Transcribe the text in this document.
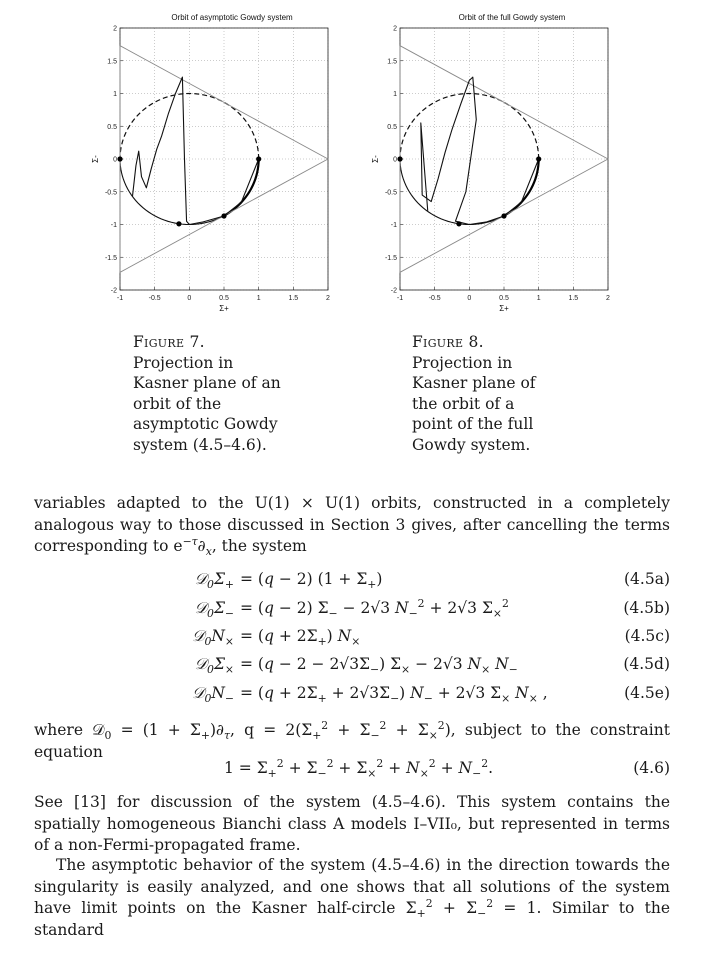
Orbit of asymptotic Gowdy system
-1	-0.5	0	0.5	1	1.5	2
2
1.5
1
0.5
0
-0.5
-1
-1.5
-2
Σ+
Σ-
Orbit of the full Gowdy system
-1	-0.5	0	0.5	1	1.5	2
2
1.5
1
0.5
0
-0.5
-1
-1.5
-2
Σ+
Σ-
Figure 7.
Projection in Kasner plane of an orbit of the asymptotic Gowdy system (4.5–4.6).
Figure 8.
Projection in Kasner plane of the orbit of a point of the full Gowdy system.

variables adapted to the U(1) × U(1) orbits, constructed in a completely analogous way to those discussed in Section 3 gives, after cancelling the terms corresponding to $e^{-\tau}\partial_x$, the system

$𝒟_0\Sigma_+ = (q - 2) (1 + \Sigma_+)$	(4.5a)
$𝒟_0\Sigma_- = (q - 2) \Sigma_- - 2√3$ $N_-^2 + 2√3$ $\Sigma_\times^2$	(4.5b)
$𝒟_0N_\times = (q + 2\Sigma_+)$ $N_\times$	(4.5c)
$𝒟_0\Sigma_\times = (q - 2 - 2√3\Sigma_-) \Sigma_\times - 2√3$ $N_\times$ $N_-$	(4.5d)
$𝒟_0N_- = (q + 2\Sigma_+ + 2√3\Sigma_-) N_- + 2√3$ $\Sigma_\times$ $N_\times$ ,	(4.5e)

where 𝒟$_0$ = $(1 + \Sigma_+)\partial_\tau$, $q = 2(\Sigma_+^2 + \Sigma_-^2 + \Sigma_\times^2)$, subject to the constraint equation

$1 = \Sigma_+^2 + \Sigma_-^2 + \Sigma_\times^2 + N_\times^2 + N_-^2$.	(4.6)

See [13] for discussion of the system (4.5–4.6). This system contains the spatially homogeneous Bianchi class A models I–VII₀, but represented in terms of a non-Fermi-propagated frame.

The asymptotic behavior of the system (4.5–4.6) in the direction towards the singularity is easily analyzed, and one shows that all solutions of the system have limit points on the Kasner half-circle $\Sigma_+^2 + \Sigma_-^2 = 1$. Similar to the standard
